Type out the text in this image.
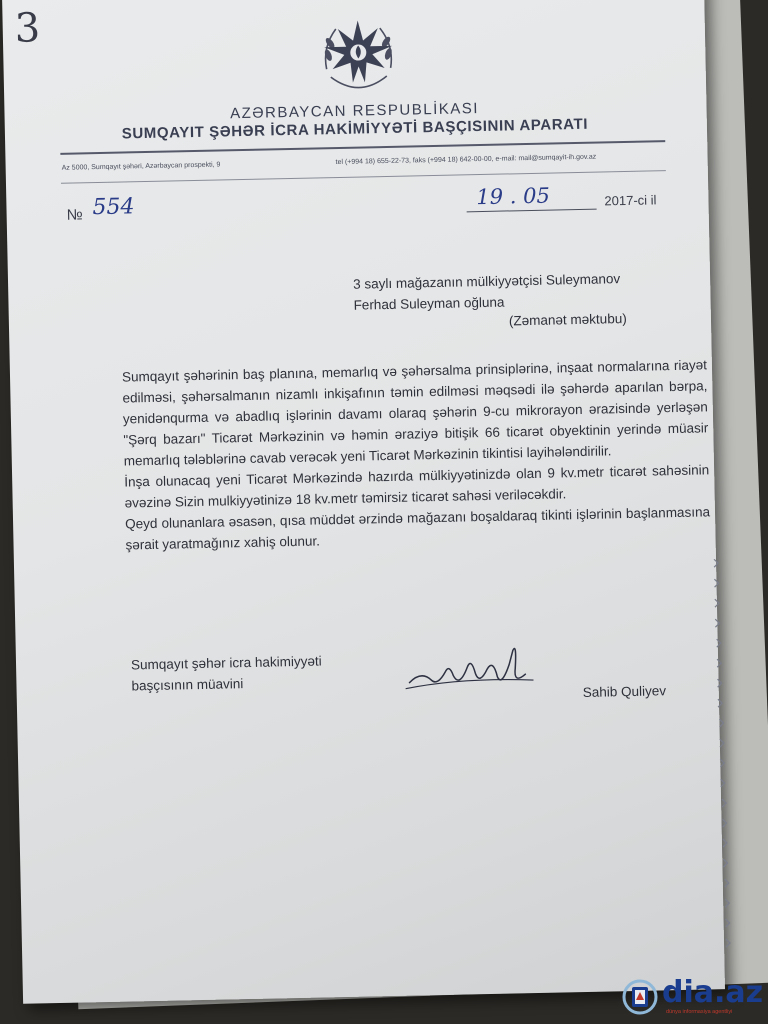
3
AZƏRBAYCAN RESPUBLİKASI
SUMQAYIT ŞƏHƏR İCRA HAKİMİYYƏTİ BAŞÇISININ APARATI
Az 5000, Sumqayıt şəhəri, Azərbaycan prospekti, 9
tel (+994 18) 655-22-73, faks (+994 18) 642-00-00, e-mail: mail@sumqayit-ih.gov.az
№ 554	19 . 05	2017-ci il
3 saylı mağazanın mülkiyyətçisi Suleymanov
Ferhad Suleyman oğluna
(Zəmanət məktubu)

Sumqayıt şəhərinin baş planına, memarlıq və şəhərsalma prinsiplərinə, inşaat normalarına riayət edilməsi, şəhərsalmanın nizamlı inkişafının təmin edilməsi məqsədi ilə şəhərdə aparılan bərpa, yenidənqurma və abadlıq işlərinin davamı olaraq şəhərin 9-cu mikrorayon ərazisində yerləşən "Şərq bazarı" Ticarət Mərkəzinin və həmin əraziyə bitişik 66 ticarət obyektinin yerində müasir memarlıq tələblərinə cavab verəcək yeni Ticarət Mərkəzinin tikintisi layihələndirilir.

İnşa olunacaq yeni Ticarət Mərkəzində hazırda mülkiyyətinizdə olan 9 kv.metr ticarət sahəsinin əvəzinə Sizin mulkiyyətinizə 18 kv.metr təmirsiz ticarət sahəsi veriləcəkdir.

Qeyd olunanlara əsasən, qısa müddət ərzində mağazanı boşaldaraq tikinti işlərinin başlanmasına şərait yaratmağınız xahiş olunur.

Sumqayıt şəhər icra hakimiyyəti
başçısının müavini	Sahib Quliyev
dia.az
dünya informasiya agentliyi
